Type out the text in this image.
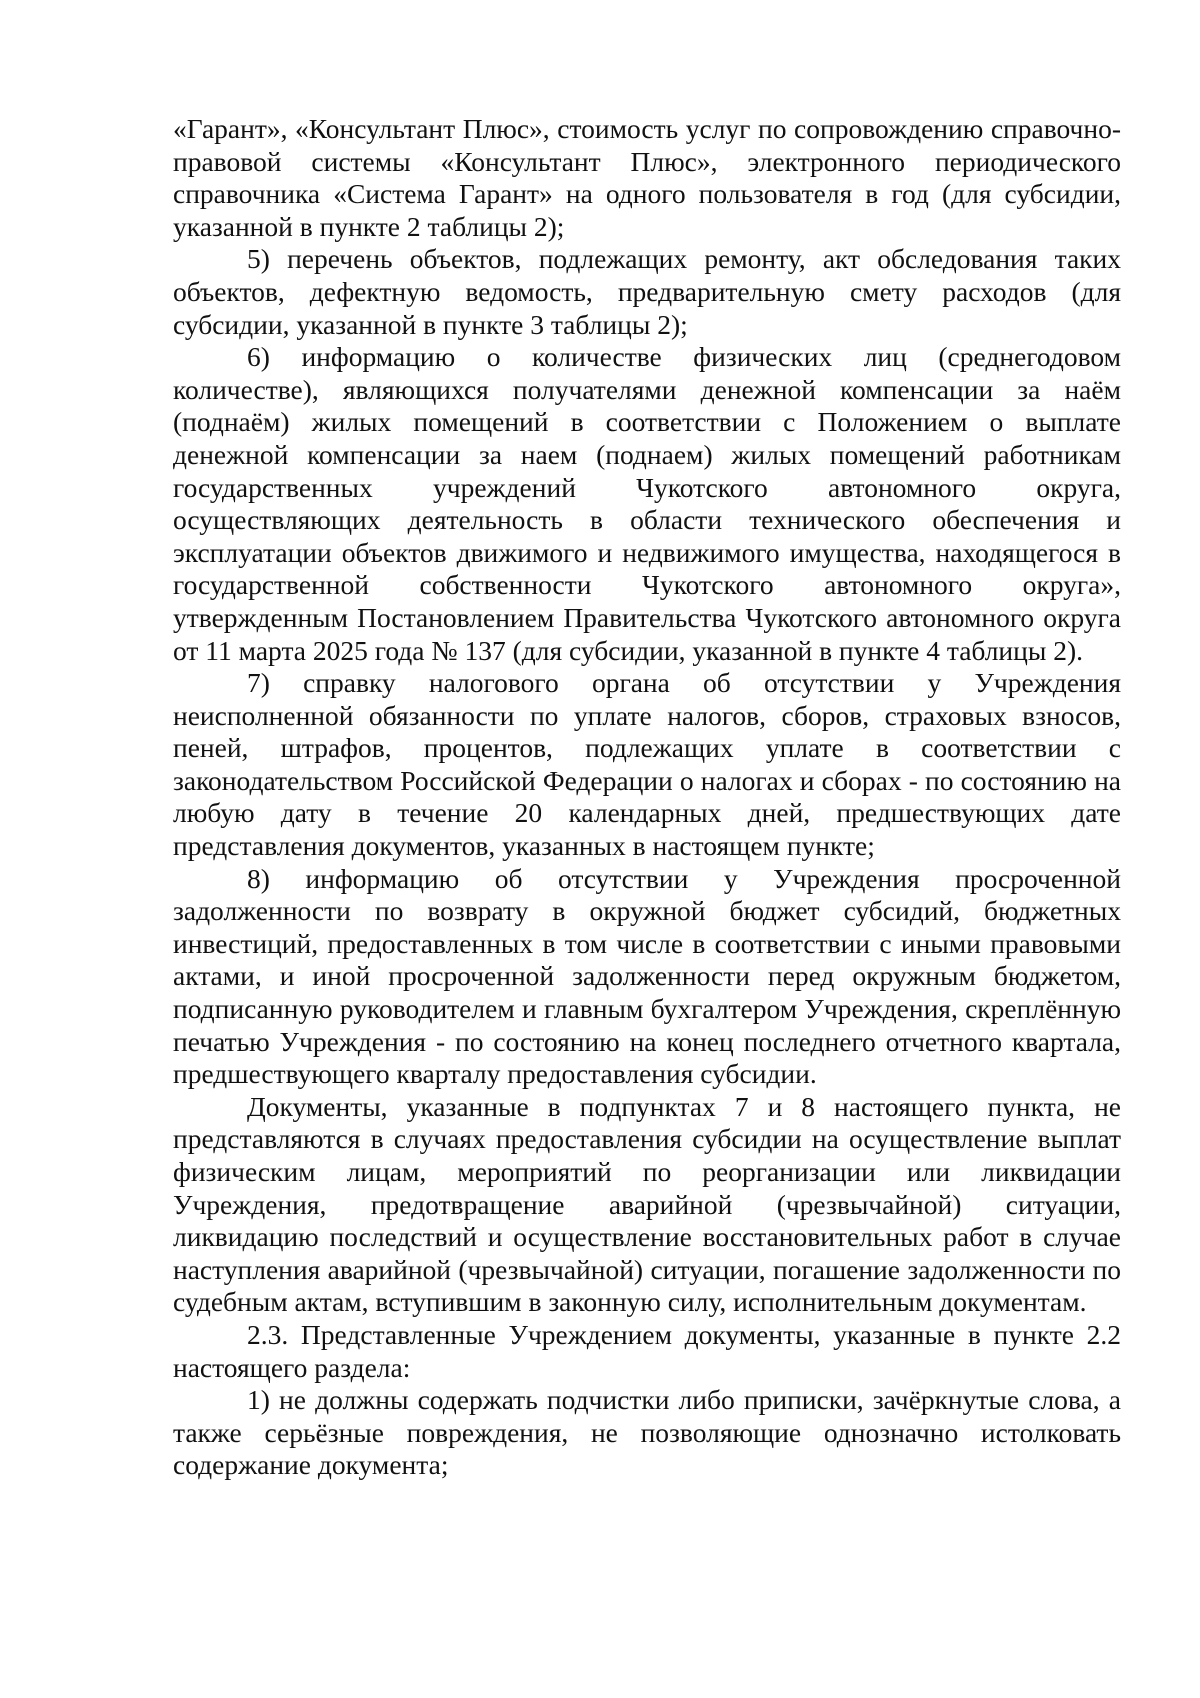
«Гарант», «Консультант Плюс», стоимость услуг по сопровождению справочно-правовой системы «Консультант Плюс», электронного периодического справочника «Система Гарант» на одного пользователя в год (для субсидии, указанной в пункте 2 таблицы 2);

5) перечень объектов, подлежащих ремонту, акт обследования таких объектов, дефектную ведомость, предварительную смету расходов (для субсидии, указанной в пункте 3 таблицы 2);

6) информацию о количестве физических лиц (среднегодовом количестве), являющихся получателями денежной компенсации за наём (поднаём) жилых помещений в соответствии с Положением о выплате денежной компенсации за наем (поднаем) жилых помещений работникам государственных учреждений Чукотского автономного округа, осуществляющих деятельность в области технического обеспечения и эксплуатации объектов движимого и недвижимого имущества, находящегося в государственной собственности Чукотского автономного округа», утвержденным Постановлением Правительства Чукотского автономного округа от 11 марта 2025 года № 137 (для субсидии, указанной в пункте 4 таблицы 2).

7) справку налогового органа об отсутствии у Учреждения неисполненной обязанности по уплате налогов, сборов, страховых взносов, пеней, штрафов, процентов, подлежащих уплате в соответствии с законодательством Российской Федерации о налогах и сборах - по состоянию на любую дату в течение 20 календарных дней, предшествующих дате представления документов, указанных в настоящем пункте;

8) информацию об отсутствии у Учреждения просроченной задолженности по возврату в окружной бюджет субсидий, бюджетных инвестиций, предоставленных в том числе в соответствии с иными правовыми актами, и иной просроченной задолженности перед окружным бюджетом, подписанную руководителем и главным бухгалтером Учреждения, скреплённую печатью Учреждения - по состоянию на конец последнего отчетного квартала, предшествующего кварталу предоставления субсидии.

Документы, указанные в подпунктах 7 и 8 настоящего пункта, не представляются в случаях предоставления субсидии на осуществление выплат физическим лицам, мероприятий по реорганизации или ликвидации Учреждения, предотвращение аварийной (чрезвычайной) ситуации, ликвидацию последствий и осуществление восстановительных работ в случае наступления аварийной (чрезвычайной) ситуации, погашение задолженности по судебным актам, вступившим в законную силу, исполнительным документам.

2.3. Представленные Учреждением документы, указанные в пункте 2.2 настоящего раздела:

1) не должны содержать подчистки либо приписки, зачёркнутые слова, а также серьёзные повреждения, не позволяющие однозначно истолковать содержание документа;
